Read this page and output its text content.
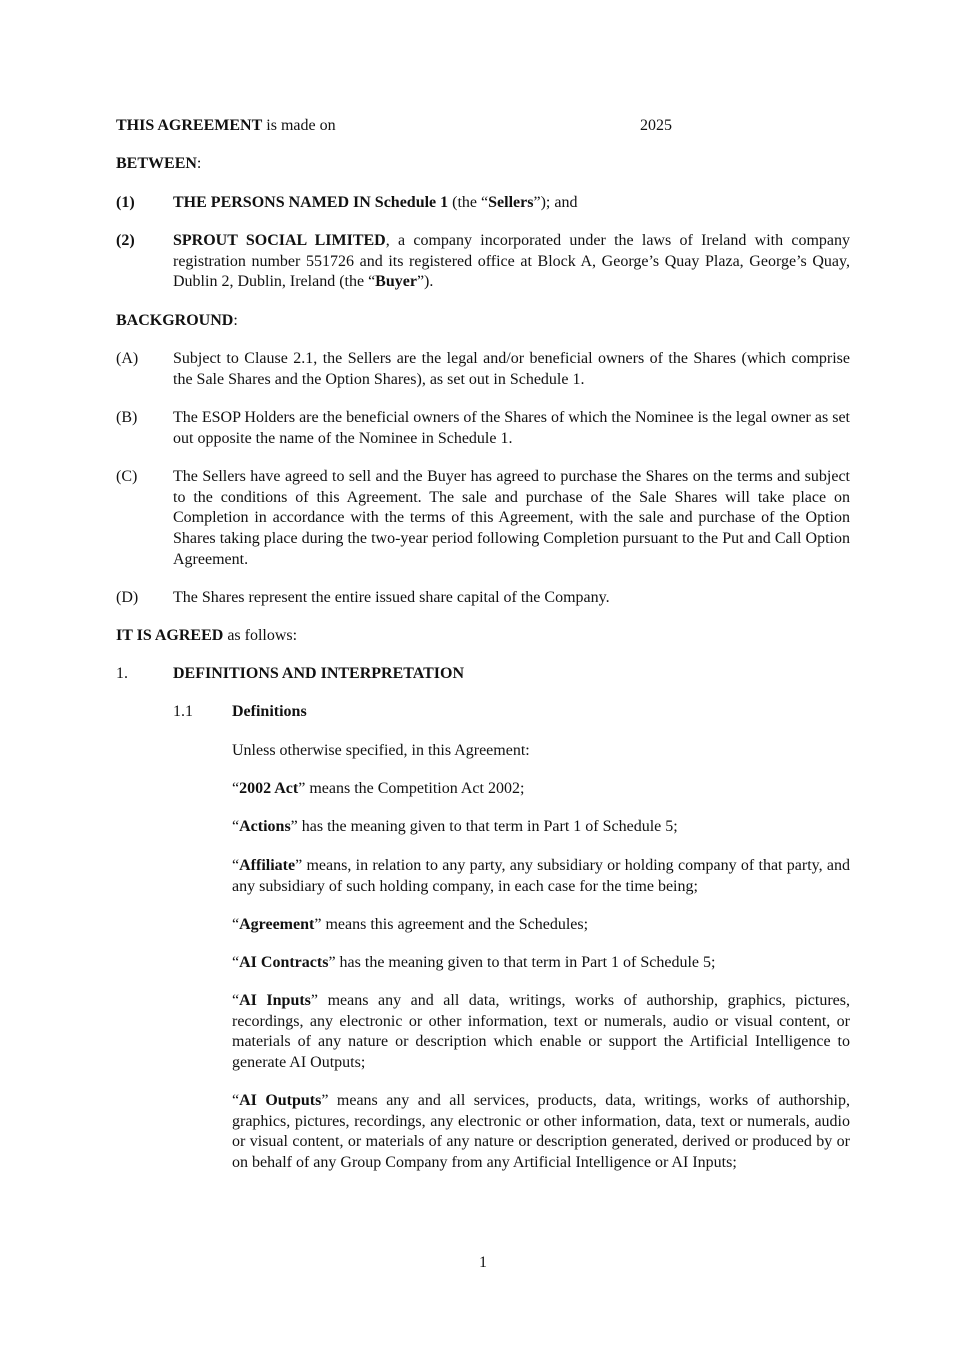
THIS AGREEMENT is made on	2025

BETWEEN:

(1) THE PERSONS NAMED IN Schedule 1 (the “Sellers”); and

(2) SPROUT SOCIAL LIMITED, a company incorporated under the laws of Ireland with company registration number 551726 and its registered office at Block A, George’s Quay Plaza, George’s Quay, Dublin 2, Dublin, Ireland (the “Buyer”).

BACKGROUND:

(A) Subject to Clause 2.1, the Sellers are the legal and/or beneficial owners of the Shares (which comprise the Sale Shares and the Option Shares), as set out in Schedule 1.

(B) The ESOP Holders are the beneficial owners of the Shares of which the Nominee is the legal owner as set out opposite the name of the Nominee in Schedule 1.

(C) The Sellers have agreed to sell and the Buyer has agreed to purchase the Shares on the terms and subject to the conditions of this Agreement. The sale and purchase of the Sale Shares will take place on Completion in accordance with the terms of this Agreement, with the sale and purchase of the Option Shares taking place during the two-year period following Completion pursuant to the Put and Call Option Agreement.

(D) The Shares represent the entire issued share capital of the Company.

IT IS AGREED as follows:

1.	DEFINITIONS AND INTERPRETATION

1.1 Definitions

Unless otherwise specified, in this Agreement:

“2002 Act” means the Competition Act 2002;

“Actions” has the meaning given to that term in Part 1 of Schedule 5;

“Affiliate” means, in relation to any party, any subsidiary or holding company of that party, and any subsidiary of such holding company, in each case for the time being;

“Agreement” means this agreement and the Schedules;

“AI Contracts” has the meaning given to that term in Part 1 of Schedule 5;

“AI Inputs” means any and all data, writings, works of authorship, graphics, pictures, recordings, any electronic or other information, text or numerals, audio or visual content, or materials of any nature or description which enable or support the Artificial Intelligence to generate AI Outputs;

“AI Outputs” means any and all services, products, data, writings, works of authorship, graphics, pictures, recordings, any electronic or other information, data, text or numerals, audio or visual content, or materials of any nature or description generated, derived or produced by or on behalf of any Group Company from any Artificial Intelligence or AI Inputs;

1
